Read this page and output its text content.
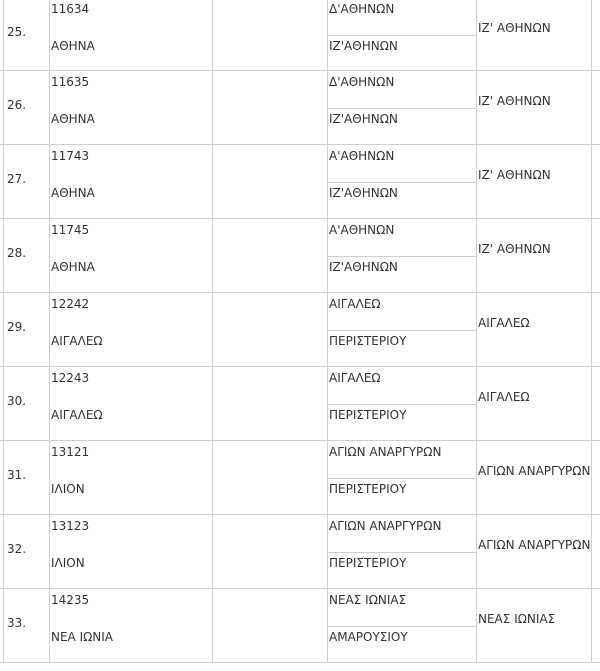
25.
11634
ΑΘΗΝΑ
Δ'ΑΘΗΝΩΝ
ΙΖ'ΑΘΗΝΩΝ
ΙΖ' ΑΘΗΝΩΝ
26.
11635
ΑΘΗΝΑ
Δ'ΑΘΗΝΩΝ
ΙΖ'ΑΘΗΝΩΝ
ΙΖ' ΑΘΗΝΩΝ
27.
11743
ΑΘΗΝΑ
Α'ΑΘΗΝΩΝ
ΙΖ'ΑΘΗΝΩΝ
ΙΖ' ΑΘΗΝΩΝ
28.
11745
ΑΘΗΝΑ
Α'ΑΘΗΝΩΝ
ΙΖ'ΑΘΗΝΩΝ
ΙΖ' ΑΘΗΝΩΝ
29.
12242
ΑΙΓΑΛΕΩ
ΑΙΓΑΛΕΩ
ΠΕΡΙΣΤΕΡΙΟΥ
ΑΙΓΑΛΕΩ
30.
12243
ΑΙΓΑΛΕΩ
ΑΙΓΑΛΕΩ
ΠΕΡΙΣΤΕΡΙΟΥ
ΑΙΓΑΛΕΩ
31.
13121
ΙΛΙΟΝ
ΑΓΙΩΝ ΑΝΑΡΓΥΡΩΝ
ΠΕΡΙΣΤΕΡΙΟΥ
ΑΓΙΩΝ ΑΝΑΡΓΥΡΩΝ
32.
13123
ΙΛΙΟΝ
ΑΓΙΩΝ ΑΝΑΡΓΥΡΩΝ
ΠΕΡΙΣΤΕΡΙΟΥ
ΑΓΙΩΝ ΑΝΑΡΓΥΡΩΝ
33.
14235
ΝΕΑ ΙΩΝΙΑ
ΝΕΑΣ ΙΩΝΙΑΣ
ΑΜΑΡΟΥΣΙΟΥ
ΝΕΑΣ ΙΩΝΙΑΣ
